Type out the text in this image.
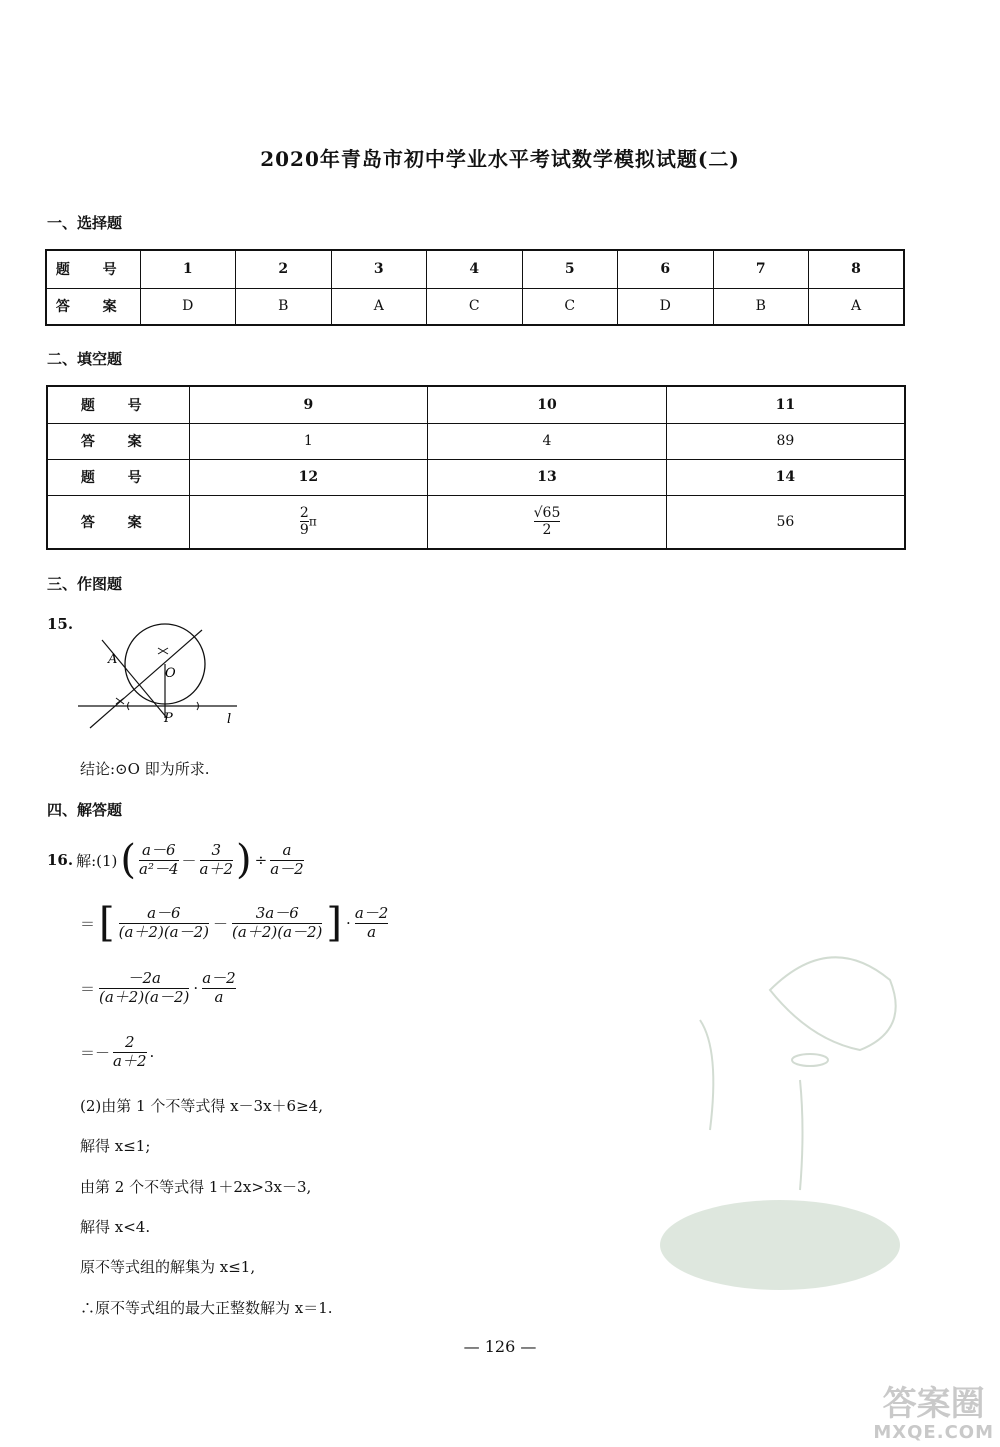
2020年青岛市初中学业水平考试数学模拟试题(二)
一、选择题
题 号	1	2	3	4	5	6	7	8
答 案	D	B	A	C	C	D	B	A
二、填空题
题 号	9	10	11
答 案	1	4	89
题 号	12	13	14
答 案	$\frac{2}{9}$ π	$\frac{√65}{2}$	56
三、作图题
15.
A
O
P	l
结论:⊙O 即为所求.
四、解答题
16. 解:(1) ( $\frac{a-6}{\text{a²－4}} - \frac{3}{a+2}$ ) ÷ $\frac{a}{a-2}$
＝ [ $\frac{a-6}{(a+2)(a-2)} - \frac{3a-6}{(a+2)(a-2)}$ ] · $\frac{a-2}{a}$
＝ $\frac{-2a}{(a+2)(a-2)} \cdot \frac{a-2}{a}$
＝－ $\frac{2}{a+2}$ .
(2)由第 1 个不等式得 x－3x＋6≥4,
解得 x≤1;
由第 2 个不等式得 1＋2x>3x－3,
解得 x<4.
原不等式组的解集为 x≤1,
∴原不等式组的最大正整数解为 x＝1.
— 126 —
答案圈
MXQE.COM
